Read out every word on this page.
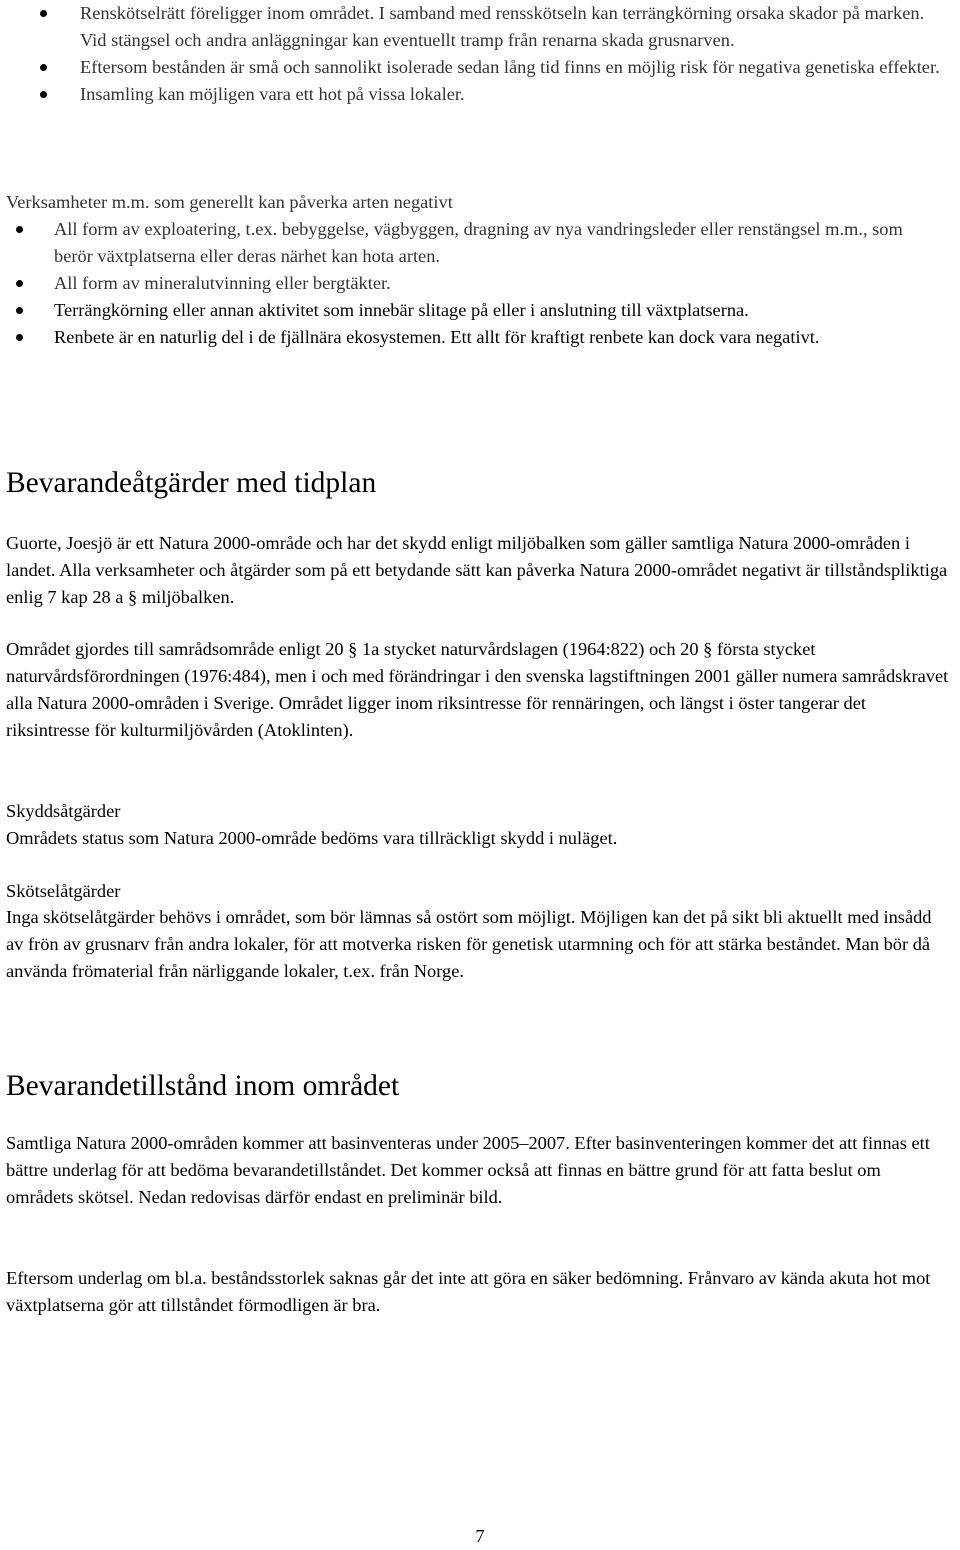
Renskötselrätt föreligger inom området. I samband med rensskötseln kan terrängkörning orsaka skador på marken. Vid stängsel och andra anläggningar kan eventuellt tramp från renarna skada grusnarven.
Eftersom bestånden är små och sannolikt isolerade sedan lång tid finns en möjlig risk för negativa genetiska effekter.
Insamling kan möjligen vara ett hot på vissa lokaler.
Verksamheter m.m. som generellt kan påverka arten negativt
All form av exploatering, t.ex. bebyggelse, vägbyggen, dragning av nya vandringsleder eller renstängsel m.m., som berör växtplatserna eller deras närhet kan hota arten.
All form av mineralutvinning eller bergtäkter.
Terrängkörning eller annan aktivitet som innebär slitage på eller i anslutning till växtplatserna.
Renbete är en naturlig del i de fjällnära ekosystemen. Ett allt för kraftigt renbete kan dock vara negativt.
Bevarandeåtgärder med tidplan

Guorte, Joesjö är ett Natura 2000-område och har det skydd enligt miljöbalken som gäller samtliga Natura 2000-områden i landet. Alla verksamheter och åtgärder som på ett betydande sätt kan påverka Natura 2000-området negativt är tillståndspliktiga enlig 7 kap 28 a § miljöbalken.

Området gjordes till samrådsområde enligt 20 § 1a stycket naturvårdslagen (1964:822) och 20 § första stycket naturvårdsförordningen (1976:484), men i och med förändringar i den svenska lagstiftningen 2001 gäller numera samrådskravet alla Natura 2000-områden i Sverige. Området ligger inom riksintresse för rennäringen, och längst i öster tangerar det riksintresse för kulturmiljövården (Atoklinten).

Skyddsåtgärder

Områdets status som Natura 2000-område bedöms vara tillräckligt skydd i nuläget.

Skötselåtgärder

Inga skötselåtgärder behövs i området, som bör lämnas så ostört som möjligt. Möjligen kan det på sikt bli aktuellt med insådd av frön av grusnarv från andra lokaler, för att motverka risken för genetisk utarmning och för att stärka beståndet. Man bör då använda frömaterial från närliggande lokaler, t.ex. från Norge.

Bevarandetillstånd inom området

Samtliga Natura 2000-områden kommer att basinventeras under 2005–2007. Efter basinventeringen kommer det att finnas ett bättre underlag för att bedöma bevarandetillståndet. Det kommer också att finnas en bättre grund för att fatta beslut om områdets skötsel. Nedan redovisas därför endast en preliminär bild.

Eftersom underlag om bl.a. beståndsstorlek saknas går det inte att göra en säker bedömning. Frånvaro av kända akuta hot mot växtplatserna gör att tillståndet förmodligen är bra.

7
